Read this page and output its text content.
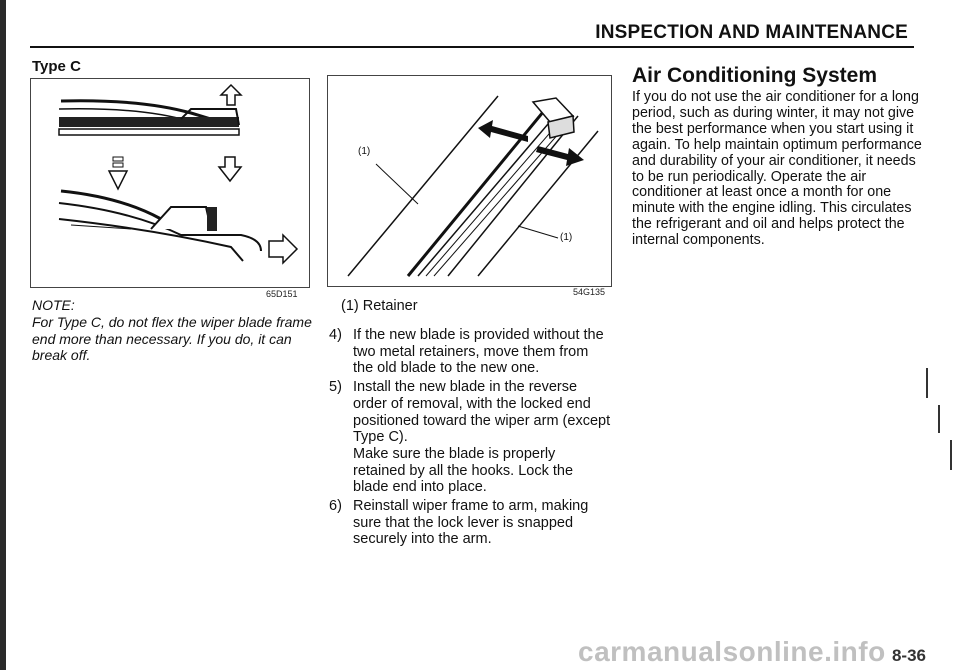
INSPECTION AND MAINTENANCE
Type C
65D151
NOTE:
For Type C, do not flex the wiper blade frame end more than necessary. If you do, it can break off.
(1)
(1)
54G135
(1) Retainer
4) If the new blade is provided without the two metal retainers, move them from the old blade to the new one.

5) Install the new blade in the reverse order of removal, with the locked end positioned toward the wiper arm (except Type C).

Make sure the blade is properly retained by all the hooks. Lock the blade end into place.

6) Reinstall wiper frame to arm, making sure that the lock lever is snapped securely into the arm.

Air Conditioning System
If you do not use the air conditioner for a long period, such as during winter, it may not give the best performance when you start using it again. To help maintain optimum performance and durability of your air conditioner, it needs to be run periodically. Operate the air conditioner at least once a month for one minute with the engine idling. This circulates the refrigerant and oil and helps protect the internal components.
carmanualsonline.info 8-36
